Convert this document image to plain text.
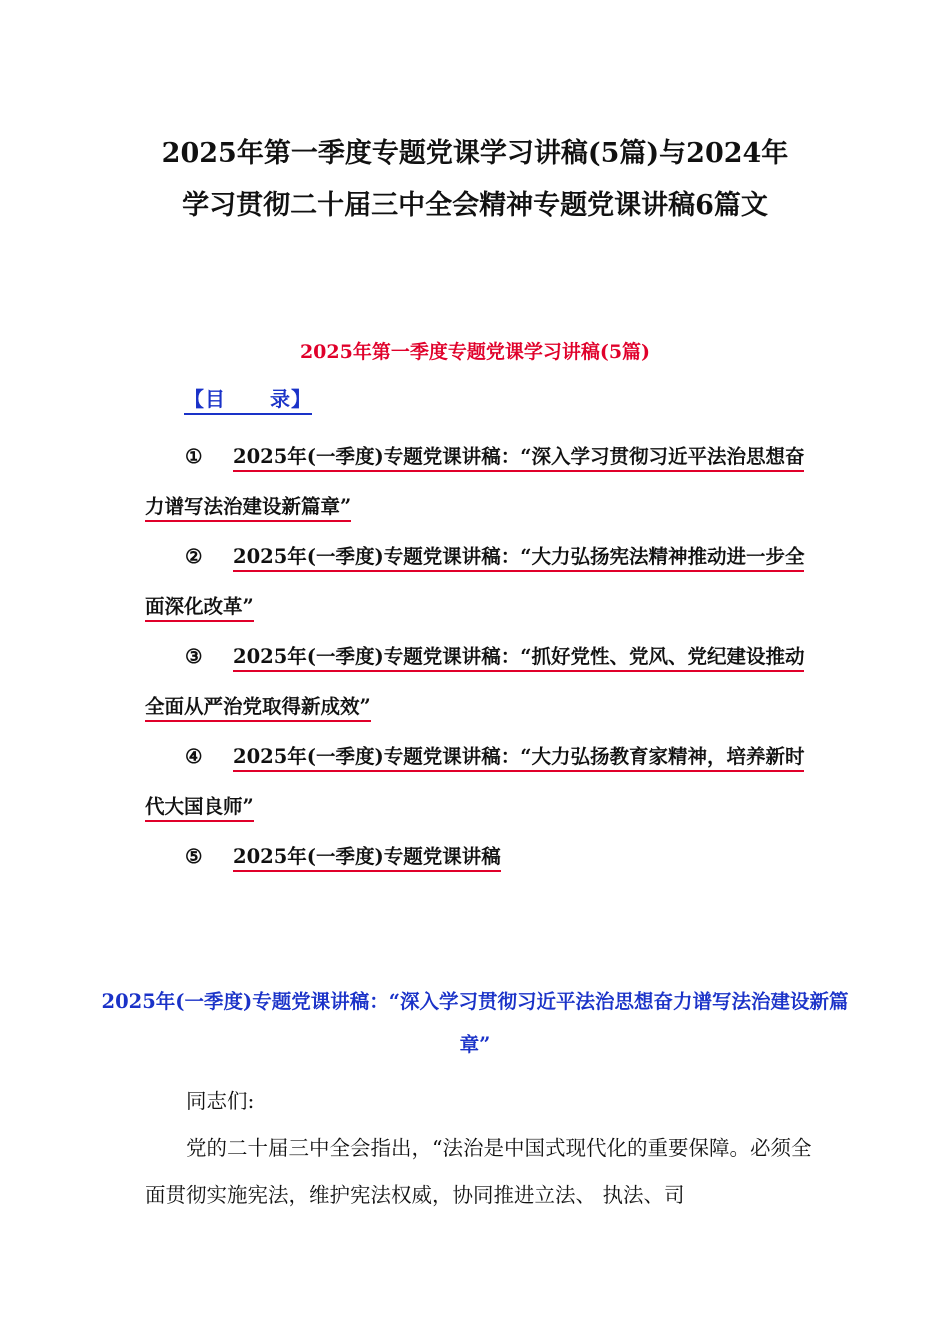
2025年第一季度专题党课学习讲稿(5篇)与2024年
学习贯彻二十届三中全会精神专题党课讲稿6篇文
2025年第一季度专题党课学习讲稿(5篇)
【目 录】
① 2025年(一季度)专题党课讲稿：“深入学习贯彻习近平法治思想奋力谱写法治建设新篇章”
② 2025年(一季度)专题党课讲稿：“大力弘扬宪法精神推动进一步全面深化改革”
③ 2025年(一季度)专题党课讲稿：“抓好党性、党风、党纪建设推动全面从严治党取得新成效”
④ 2025年(一季度)专题党课讲稿：“大力弘扬教育家精神，培养新时代大国良师”
⑤ 2025年(一季度)专题党课讲稿
2025年(一季度)专题党课讲稿：“深入学习贯彻习近平法治思想奋力谱写法治建设新篇章”

同志们:

党的二十届三中全会指出，“法治是中国式现代化的重要保障。必须全面贯彻实施宪法，维护宪法权威，协同推进立法、 执法、司
